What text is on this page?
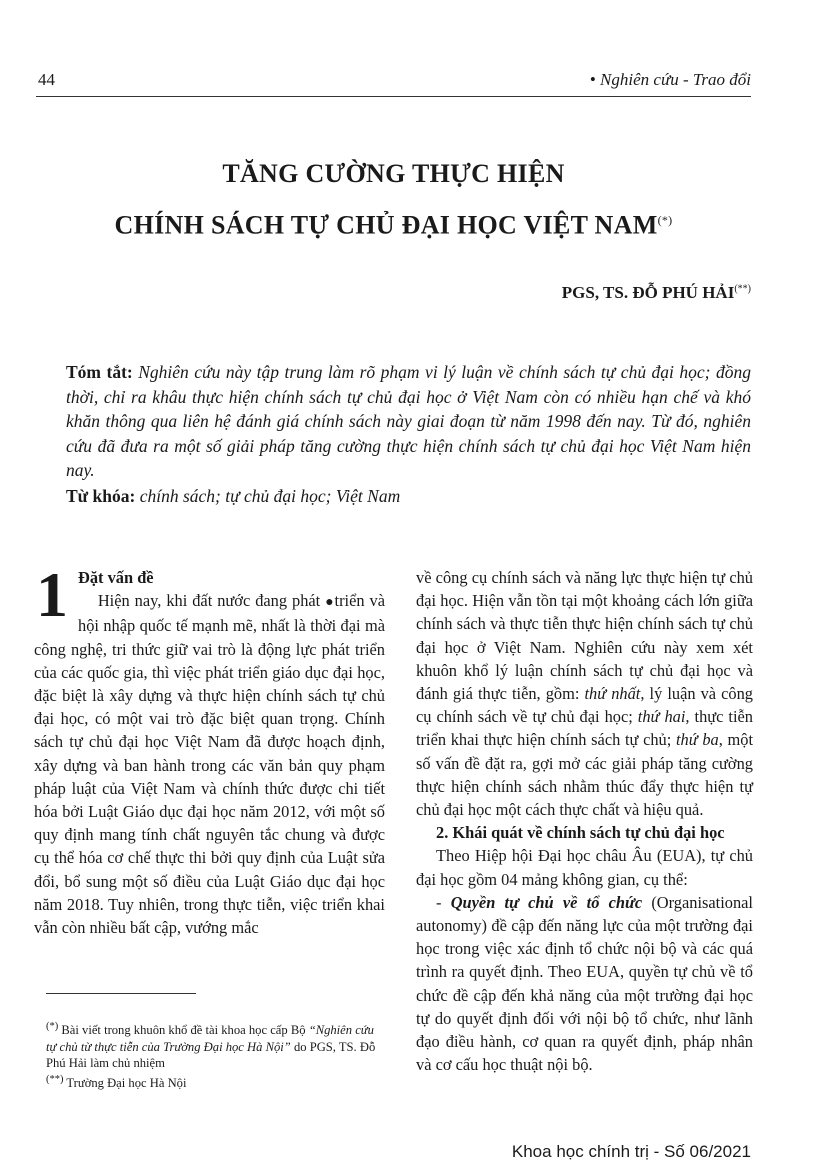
44	• Nghiên cứu - Trao đổi
TĂNG CƯỜNG THỰC HIỆN
CHÍNH SÁCH TỰ CHỦ ĐẠI HỌC VIỆT NAM(*)
PGS, TS. ĐỖ PHÚ HẢI(**)
Tóm tắt: Nghiên cứu này tập trung làm rõ phạm vi lý luận về chính sách tự chủ đại học; đồng thời, chỉ ra khâu thực hiện chính sách tự chủ đại học ở Việt Nam còn có nhiều hạn chế và khó khăn thông qua liên hệ đánh giá chính sách này giai đoạn từ năm 1998 đến nay. Từ đó, nghiên cứu đã đưa ra một số giải pháp tăng cường thực hiện chính sách tự chủ đại học Việt Nam hiện nay.
Từ khóa: chính sách; tự chủ đại học; Việt Nam
1 Đặt vấn đề

Hiện nay, khi đất nước đang phát ●triển và hội nhập quốc tế mạnh mẽ, nhất là thời đại mà công nghệ, tri thức giữ vai trò là động lực phát triển của các quốc gia, thì việc phát triển giáo dục đại học, đặc biệt là xây dựng và thực hiện chính sách tự chủ đại học, có một vai trò đặc biệt quan trọng. Chính sách tự chủ đại học Việt Nam đã được hoạch định, xây dựng và ban hành trong các văn bản quy phạm pháp luật của Việt Nam và chính thức được chi tiết hóa bởi Luật Giáo dục đại học năm 2012, với một số quy định mang tính chất nguyên tắc chung và được cụ thể hóa cơ chế thực thi bởi quy định của Luật sửa đổi, bổ sung một số điều của Luật Giáo dục đại học năm 2018. Tuy nhiên, trong thực tiễn, việc triển khai vẫn còn nhiều bất cập, vướng mắc

về công cụ chính sách và năng lực thực hiện tự chủ đại học. Hiện vẫn tồn tại một khoảng cách lớn giữa chính sách và thực tiễn thực hiện chính sách tự chủ đại học ở Việt Nam. Nghiên cứu này xem xét khuôn khổ lý luận chính sách tự chủ đại học và đánh giá thực tiễn, gồm: thứ nhất, lý luận và công cụ chính sách về tự chủ đại học; thứ hai, thực tiễn triển khai thực hiện chính sách tự chủ; thứ ba, một số vấn đề đặt ra, gợi mở các giải pháp tăng cường thực hiện chính sách nhằm thúc đẩy thực hiện tự chủ đại học một cách thực chất và hiệu quả.

2. Khái quát về chính sách tự chủ đại học

Theo Hiệp hội Đại học châu Âu (EUA), tự chủ đại học gồm 04 mảng không gian, cụ thể:

- Quyền tự chủ về tổ chức (Organisational autonomy) đề cập đến năng lực của một trường đại học trong việc xác định tổ chức nội bộ và các quá trình ra quyết định. Theo EUA, quyền tự chủ về tổ chức đề cập đến khả năng của một trường đại học tự do quyết định đối với nội bộ tổ chức, như lãnh đạo điều hành, cơ quan ra quyết định, pháp nhân và cơ cấu học thuật nội bộ.

(*) Bài viết trong khuôn khổ đề tài khoa học cấp Bộ “Nghiên cứu tự chủ từ thực tiễn của Trường Đại học Hà Nội” do PGS, TS. Đỗ Phú Hải làm chủ nhiệm

(**) Trường Đại học Hà Nội

Khoa học chính trị - Số 06/2021
